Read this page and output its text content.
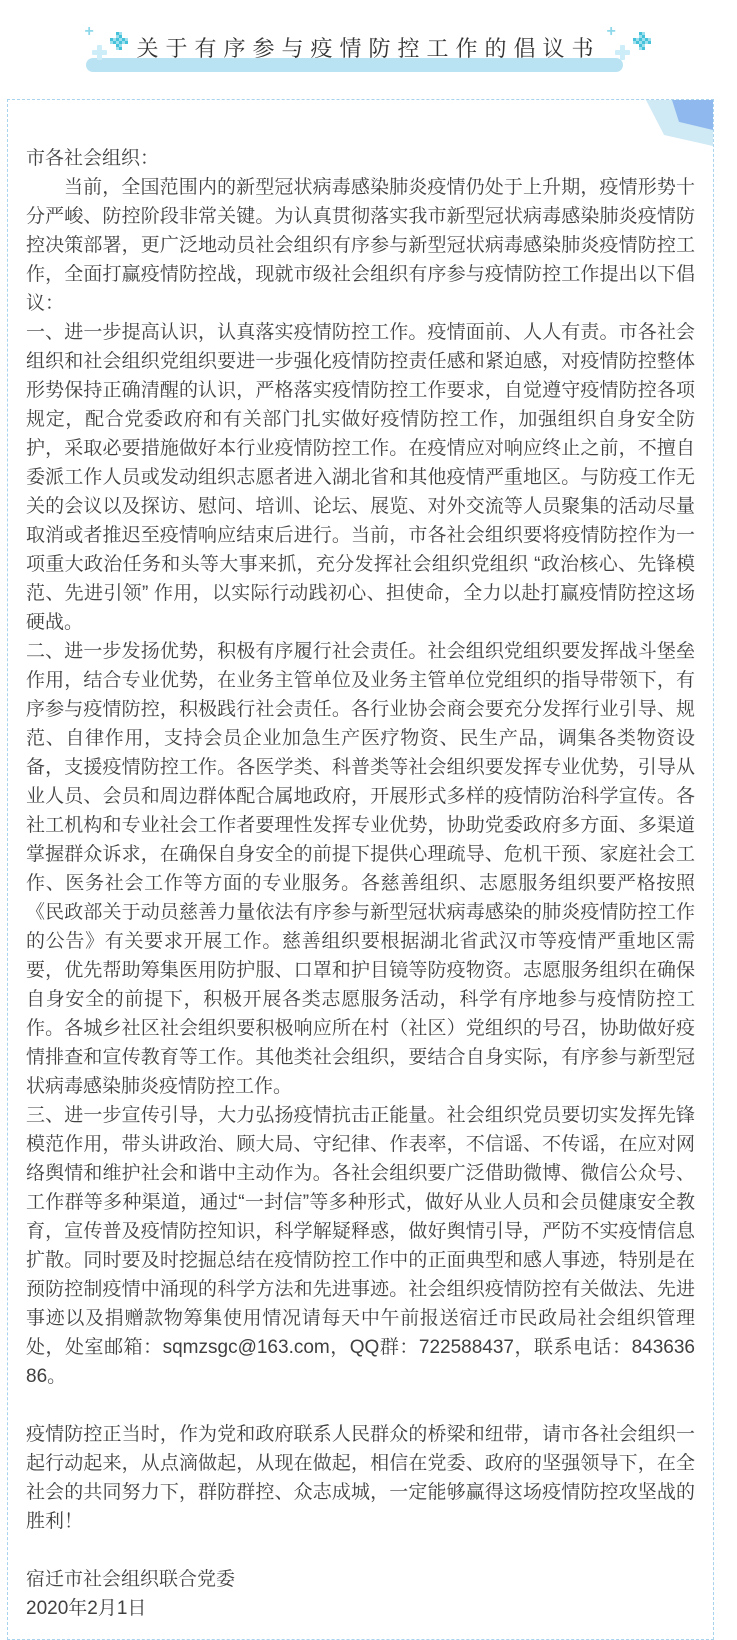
+
关于有序参与疫情防控工作的倡议书
+

市各社会组织：

当前，全国范围内的新型冠状病毒感染肺炎疫情仍处于上升期，疫情形势十分严峻、防控阶段非常关键。为认真贯彻落实我市新型冠状病毒感染肺炎疫情防控决策部署，更广泛地动员社会组织有序参与新型冠状病毒感染肺炎疫情防控工作，全面打赢疫情防控战，现就市级社会组织有序参与疫情防控工作提出以下倡议：

一、进一步提高认识，认真落实疫情防控工作。疫情面前、人人有责。市各社会组织和社会组织党组织要进一步强化疫情防控责任感和紧迫感，对疫情防控整体形势保持正确清醒的认识，严格落实疫情防控工作要求，自觉遵守疫情防控各项规定，配合党委政府和有关部门扎实做好疫情防控工作，加强组织自身安全防护，采取必要措施做好本行业疫情防控工作。在疫情应对响应终止之前，不擅自委派工作人员或发动组织志愿者进入湖北省和其他疫情严重地区。与防疫工作无关的会议以及探访、慰问、培训、论坛、展览、对外交流等人员聚集的活动尽量取消或者推迟至疫情响应结束后进行。当前，市各社会组织要将疫情防控作为一项重大政治任务和头等大事来抓，充分发挥社会组织党组织 “政治核心、先锋模范、先进引领” 作用，以实际行动践初心、担使命，全力以赴打赢疫情防控这场硬战。

二、进一步发扬优势，积极有序履行社会责任。社会组织党组织要发挥战斗堡垒作用，结合专业优势，在业务主管单位及业务主管单位党组织的指导带领下，有序参与疫情防控，积极践行社会责任。各行业协会商会要充分发挥行业引导、规范、自律作用，支持会员企业加急生产医疗物资、民生产品，调集各类物资设备，支援疫情防控工作。各医学类、科普类等社会组织要发挥专业优势，引导从业人员、会员和周边群体配合属地政府，开展形式多样的疫情防治科学宣传。各社工机构和专业社会工作者要理性发挥专业优势，协助党委政府多方面、多渠道掌握群众诉求，在确保自身安全的前提下提供心理疏导、危机干预、家庭社会工作、医务社会工作等方面的专业服务。各慈善组织、志愿服务组织要严格按照《民政部关于动员慈善力量依法有序参与新型冠状病毒感染的肺炎疫情防控工作的公告》有关要求开展工作。慈善组织要根据湖北省武汉市等疫情严重地区需要，优先帮助筹集医用防护服、口罩和护目镜等防疫物资。志愿服务组织在确保自身安全的前提下，积极开展各类志愿服务活动，科学有序地参与疫情防控工作。各城乡社区社会组织要积极响应所在村（社区）党组织的号召，协助做好疫情排查和宣传教育等工作。其他类社会组织，要结合自身实际，有序参与新型冠状病毒感染肺炎疫情防控工作。

三、进一步宣传引导，大力弘扬疫情抗击正能量。社会组织党员要切实发挥先锋模范作用，带头讲政治、顾大局、守纪律、作表率，不信谣、不传谣，在应对网络舆情和维护社会和谐中主动作为。各社会组织要广泛借助微博、微信公众号、工作群等多种渠道，通过“一封信”等多种形式，做好从业人员和会员健康安全教育，宣传普及疫情防控知识，科学解疑释惑，做好舆情引导，严防不实疫情信息扩散。同时要及时挖掘总结在疫情防控工作中的正面典型和感人事迹，特别是在预防控制疫情中涌现的科学方法和先进事迹。社会组织疫情防控有关做法、先进事迹以及捐赠款物筹集使用情况请每天中午前报送宿迁市民政局社会组织管理处，处室邮箱：sqmzsgc@163.com，QQ群：722588437，联系电话：84363686。

疫情防控正当时，作为党和政府联系人民群众的桥梁和纽带，请市各社会组织一起行动起来，从点滴做起，从现在做起，相信在党委、政府的坚强领导下，在全社会的共同努力下，群防群控、众志成城，一定能够赢得这场疫情防控攻坚战的胜利！

宿迁市社会组织联合党委

2020年2月1日
